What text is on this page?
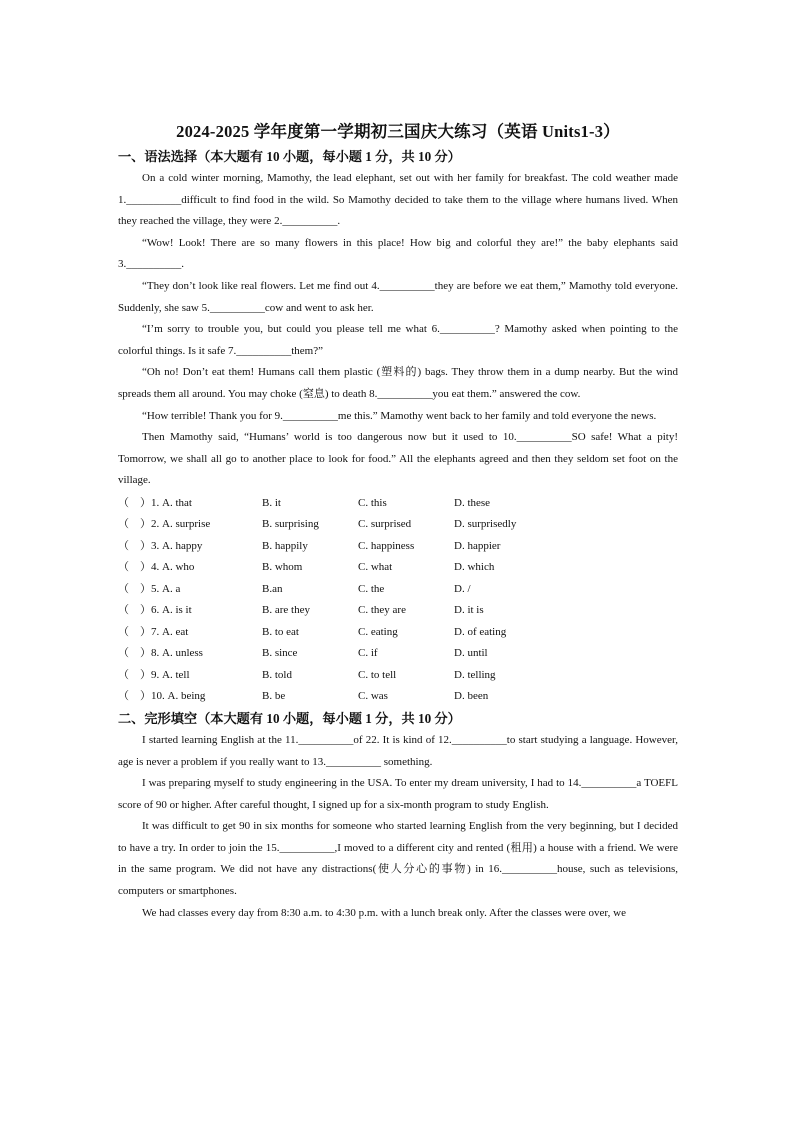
2024-2025 学年度第一学期初三国庆大练习（英语 Units1-3）
一、语法选择（本大题有 10 小题，每小题 1 分，共 10 分）

On a cold winter morning, Mamothy, the lead elephant, set out with her family for breakfast. The cold weather made 1.__________difficult to find food in the wild. So Mamothy decided to take them to the village where humans lived. When they reached the village, they were 2.__________.

“Wow! Look! There are so many flowers in this place! How big and colorful they are!” the baby elephants said 3.__________.

“They don’t look like real flowers. Let me find out 4.__________they are before we eat them,” Mamothy told everyone. Suddenly, she saw 5.__________cow and went to ask her.

“I’m sorry to trouble you, but could you please tell me what 6.__________? Mamothy asked when pointing to the colorful things. Is it safe 7.__________them?”

“Oh no! Don’t eat them! Humans call them plastic (塑料的) bags. They throw them in a dump nearby. But the wind spreads them all around. You may choke (窒息) to death 8.__________you eat them.” answered the cow.

“How terrible! Thank you for 9.__________me this.” Mamothy went back to her family and told everyone the news.

Then Mamothy said, “Humans’ world is too dangerous now but it used to 10.__________SO safe! What a pity! Tomorrow, we shall all go to another place to look for food.” All the elephants agreed and then they seldom set foot on the village.

（　）1. A. that	B. it	C. this	D. these
（　）2. A. surprise	B. surprising	C. surprised	D. surprisedly
（　）3. A. happy	B. happily	C. happiness	D. happier
（　）4. A. who	B. whom	C. what	D. which
（　）5. A. a	B.an	C. the	D. /
（　）6. A. is it	B. are they	C. they are	D. it is
（　）7. A. eat	B. to eat	C. eating	D. of eating
（　）8. A. unless	B. since	C. if	D. until
（　）9. A. tell	B. told	C. to tell	D. telling
（　）10. A. being	B. be	C. was	D. been
二、完形填空（本大题有 10 小题，每小题 1 分，共 10 分）

I started learning English at the 11.__________of 22. It is kind of 12.__________to start studying a language. However, age is never a problem if you really want to 13.__________ something.

I was preparing myself to study engineering in the USA. To enter my dream university, I had to 14.__________a TOEFL score of 90 or higher. After careful thought, I signed up for a six-month program to study English.

It was difficult to get 90 in six months for someone who started learning English from the very beginning, but I decided to have a try. In order to join the 15.__________,I moved to a different city and rented (租用) a house with a friend. We were in the same program. We did not have any distractions(使人分心的事物) in 16.__________house, such as televisions, computers or smartphones.

We had classes every day from 8:30 a.m. to 4:30 p.m. with a lunch break only. After the classes were over, we
